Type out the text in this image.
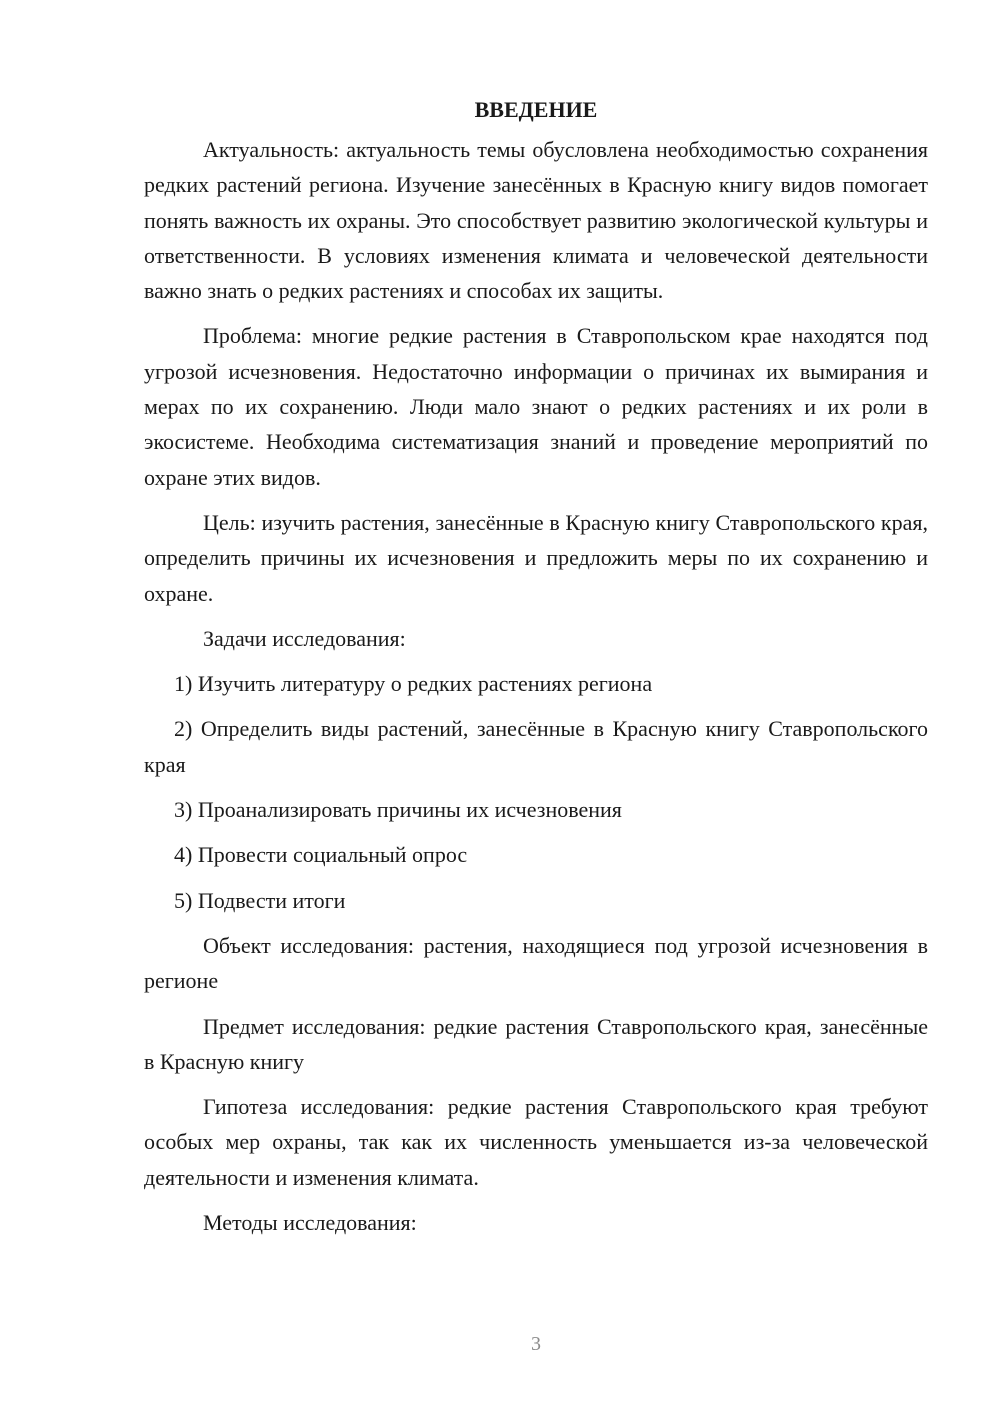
ВВЕДЕНИЕ

Актуальность: актуальность темы обусловлена необходимостью сохранения редких растений региона. Изучение занесённых в Красную книгу видов помогает понять важность их охраны. Это способствует развитию экологической культуры и ответственности. В условиях изменения климата и человеческой деятельности важно знать о редких растениях и способах их защиты.

Проблема: многие редкие растения в Ставропольском крае находятся под угрозой исчезновения. Недостаточно информации о причинах их вымирания и мерах по их сохранению. Люди мало знают о редких растениях и их роли в экосистеме. Необходима систематизация знаний и проведение мероприятий по охране этих видов.

Цель: изучить растения, занесённые в Красную книгу Ставропольского края, определить причины их исчезновения и предложить меры по их сохранению и охране.

Задачи исследования:

1) Изучить литературу о редких растениях региона

2) Определить виды растений, занесённые в Красную книгу Ставропольского края

3) Проанализировать причины их исчезновения

4) Провести социальный опрос

5) Подвести итоги

Объект исследования: растения, находящиеся под угрозой исчезновения в регионе

Предмет исследования: редкие растения Ставропольского края, занесённые в Красную книгу

Гипотеза исследования: редкие растения Ставропольского края требуют особых мер охраны, так как их численность уменьшается из-за человеческой деятельности и изменения климата.

Методы исследования:

3
